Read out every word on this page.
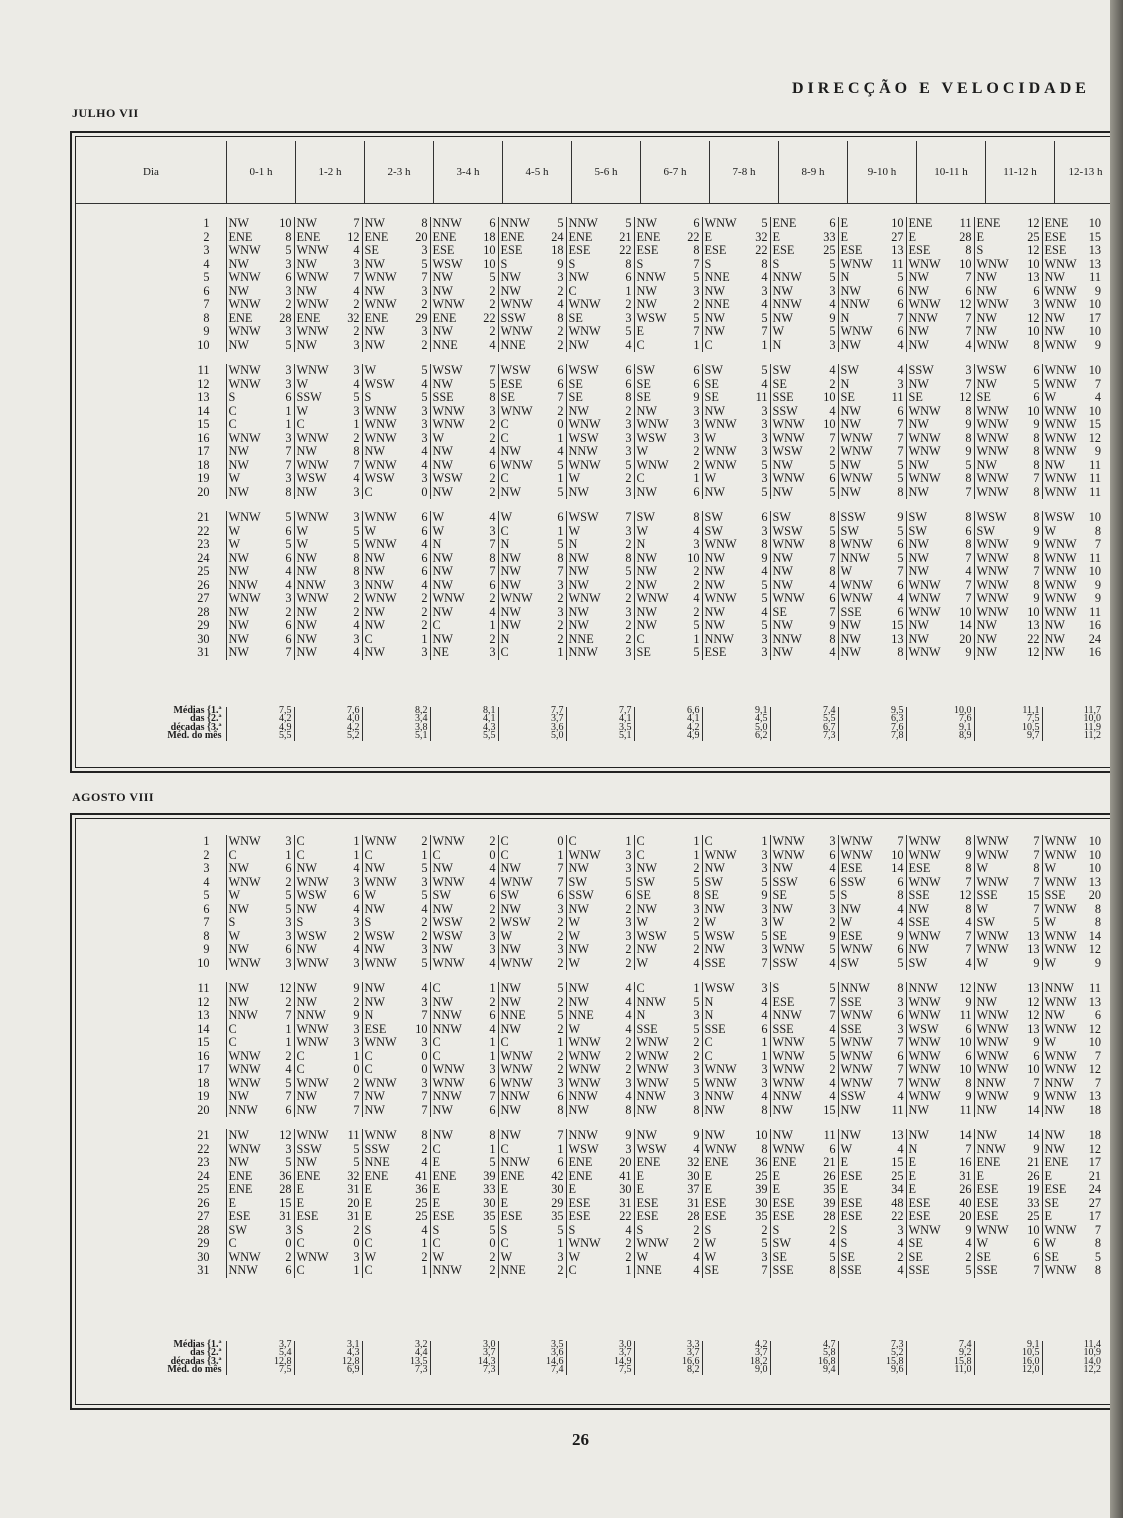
DIRECÇÃO E VELOCIDADE
JULHO VII
Dia	0-1 h	1-2 h	2-3 h	3-4 h	4-5 h	5-6 h	6-7 h	7-8 h	8-9 h	9-10 h	10-11 h	11-12 h	12-13 h
1	NW 10	NW 7	NW 8	NNW 6	NNW 5	NNW 5	NW 6	WNW 5	ENE 6	E 10	ENE 11	ENE 12	ENE 10

2	ENE 8	ENE 12	ENE 20	ENE 18	ENE 24	ENE 21	ENE 22	E 32	E 33	E 27	E 28	E 25	ESE 15

3	WNW 5	WNW 4	SE 3	ESE 10	ESE 18	ESE 22	ESE 8	ESE 22	ESE 25	ESE 13	ESE 8	S 12	ESE 13

4	NW 3	NW 3	NW 5	WSW 10	S 9	S 8	S 7	S 8	S 5	WNW 11	WNW 10	WNW 10	WNW 13

5	WNW 6	WNW 7	WNW 7	NW 5	NW 3	NW 6	NNW 5	NNE 4	NNW 5	N 5	NW 7	NW 13	NW 11

6	NW 3	NW 4	NW 3	NW 2	NW 2	C 1	NW 3	NW 3	NW 3	NW 6	NW 6	NW 6	WNW 9

7	WNW 2	WNW 2	WNW 2	WNW 2	WNW 4	WNW 2	NW 2	NNE 4	NNW 4	NNW 6	WNW 12	WNW 3	WNW 10

8	ENE 28	ENE 32	ENE 29	ENE 22	SSW 8	SE 3	WSW 5	NW 5	NW 9	N 7	NNW 7	NW 12	NW 17

9	WNW 3	WNW 2	NW 3	NW 2	WNW 2	WNW 5	E 7	NW 7	W 5	WNW 6	NW 7	NW 10	NW 10

10	NW 5	NW 3	NW 2	NNE 4	NNE 2	NW 4	C 1	C 1	N 3	NW 4	NW 4	WNW 8	WNW 9

11	WNW 3	WNW 3	W 5	WSW 7	WSW 6	WSW 6	SW 6	SW 5	SW 4	SW 4	SSW 3	WSW 6	WNW 10

12	WNW 3	W 4	WSW 4	NW 5	ESE 6	SE 6	SE 6	SE 4	SE 2	N 3	NW 7	NW 5	WNW 7

13	S 6	SSW 5	S 5	SSE 8	SE 7	SE 8	SE 9	SE 11	SSE 10	SE 11	SE 12	SE 6	W 4

14	C 1	W 3	WNW 3	WNW 3	WNW 2	NW 2	NW 3	NW 3	SSW 4	NW 6	WNW 8	WNW 10	WNW 10

15	C 1	C 1	WNW 3	WNW 2	C 0	WNW 3	WNW 3	WNW 3	WNW 10	NW 7	NW 9	WNW 9	WNW 15

16	WNW 3	WNW 2	WNW 3	W 2	C 1	WSW 3	WSW 3	W 3	WNW 7	WNW 7	WNW 8	WNW 8	WNW 12

17	NW 7	NW 8	NW 4	NW 4	NW 4	NNW 3	W 2	WNW 3	WSW 2	WNW 7	WNW 9	WNW 8	WNW 9

18	NW 7	WNW 7	WNW 4	NW 6	WNW 5	WNW 5	WNW 2	WNW 5	NW 5	NW 5	NW 5	NW 8	NW 11

19	W 3	WSW 4	WSW 3	WSW 2	C 1	W 2	C 1	W 3	WNW 6	WNW 5	WNW 8	WNW 7	WNW 11

20	NW 8	NW 3	C 0	NW 2	NW 5	NW 3	NW 6	NW 5	NW 5	NW 8	NW 7	WNW 8	WNW 11

21	WNW 5	WNW 3	WNW 6	W 4	W 6	WSW 7	SW 8	SW 6	SW 8	SSW 9	SW 8	WSW 8	WSW 10

22	W 6	W 5	W 6	W 3	C 1	W 3	W 4	SW 3	WSW 5	SW 5	SW 6	SW 9	W 8

23	W 5	W 5	WNW 4	N 7	N 5	N 2	N 3	WNW 8	WNW 8	WNW 6	NW 8	WNW 9	WNW 7

24	NW 6	NW 8	NW 6	NW 8	NW 8	NW 8	NW 10	NW 9	NW 7	NNW 5	NW 7	WNW 8	WNW 11

25	NW 4	NW 8	NW 6	NW 7	NW 7	NW 5	NW 2	NW 4	NW 8	W 7	NW 4	WNW 7	WNW 10

26	NNW 4	NNW 3	NNW 4	NW 6	NW 3	NW 2	NW 2	NW 5	NW 4	WNW 6	WNW 7	WNW 8	WNW 9

27	WNW 3	WNW 2	WNW 2	WNW 2	WNW 2	WNW 2	WNW 4	WNW 5	WNW 6	WNW 4	WNW 7	WNW 9	WNW 9

28	NW 2	NW 2	NW 2	NW 4	NW 3	NW 3	NW 2	NW 4	SE 7	SSE 6	WNW 10	WNW 10	WNW 11

29	NW 6	NW 4	NW 2	C 1	NW 2	NW 2	NW 5	NW 5	NW 9	NW 15	NW 14	NW 13	NW 16

30	NW 6	NW 3	C 1	NW 2	N 2	NNE 2	C 1	NNW 3	NNW 8	NW 13	NW 20	NW 22	NW 24

31	NW 7	NW 4	NW 3	NE 3	C 1	NNW 3	SE 5	ESE 3	NW 4	NW 8	WNW 9	NW 12	NW 16
Médias {1.ª	7,5	7,6	8,2	8,1	7,7	7,7	6,6	9,1	7,4	9,5	10,0	11,1	11,7
das {2.ª	4,2	4,0	3,4	4,1	3,7	4,1	4,1	4,5	5,5	6,3	7,6	7,5	10,0
décadas {3.ª	4,9	4,2	3,8	4,3	3,6	3,5	4,2	5,0	6,7	7,6	9,1	10,5	11,9
Méd. do mês	5,5	5,2	5,1	5,5	5,0	5,1	4,9	6,2	7,3	7,8	8,9	9,7	11,2
AGOSTO VIII
1	WNW 3	C 1	WNW 2	WNW 2	C 0	C 1	C 1	C 1	WNW 3	WNW 7	WNW 8	WNW 7	WNW 10

2	C 1	C 1	C 1	C 0	C 1	WNW 3	C 1	WNW 3	WNW 6	WNW 10	WNW 9	WNW 7	WNW 10

3	NW 6	NW 4	NW 5	NW 4	NW 7	NW 3	NW 2	NW 3	NW 4	ESE 14	ESE 8	W 8	W 10

4	WNW 2	WNW 3	WNW 3	WNW 4	WNW 7	SW 5	SW 5	SW 5	SSW 6	SSW 6	WNW 7	WNW 7	WNW 13

5	W 5	WSW 6	W 5	SW 6	SW 6	SSW 6	SE 8	SE 9	SE 5	S 8	SSE 12	SSE 15	SSE 20

6	NW 5	NW 4	NW 4	NW 2	NW 3	NW 2	NW 3	NW 3	NW 3	NW 4	NW 8	W 7	WNW 8

7	S 3	S 3	S 2	WSW 2	WSW 2	W 3	W 2	W 3	W 2	W 4	SSE 4	SW 5	W 8

8	W 3	WSW 2	WSW 2	WSW 3	W 2	W 3	WSW 5	WSW 5	SE 9	ESE 9	WNW 7	WNW 13	WNW 14

9	NW 6	NW 4	NW 3	NW 3	NW 3	NW 2	NW 2	NW 3	WNW 5	WNW 6	NW 7	WNW 13	WNW 12

10	WNW 3	WNW 3	WNW 5	WNW 4	WNW 2	W 2	W 4	SSE 7	SSW 4	SW 5	SW 4	W 9	W 9

11	NW 12	NW 9	NW 4	C 1	NW 5	NW 4	C 1	WSW 3	S 5	NNW 8	NNW 12	NW 13	NNW 11

12	NW 2	NW 2	NW 3	NW 2	NW 2	NW 4	NNW 5	N 4	ESE 7	SSE 3	WNW 9	NW 12	WNW 13

13	NNW 7	NNW 9	N 7	NNW 6	NNE 5	NNE 4	N 3	N 4	NNW 7	WNW 6	WNW 11	WNW 12	NW 6

14	C 1	WNW 3	ESE 10	NNW 4	NW 2	W 4	SSE 5	SSE 6	SSE 4	SSE 3	WSW 6	WNW 13	WNW 12

15	C 1	WNW 3	WNW 3	C 1	C 1	WNW 2	WNW 2	C 1	WNW 5	WNW 7	WNW 10	WNW 9	W 10

16	WNW 2	C 1	C 0	C 1	WNW 2	WNW 2	WNW 2	C 1	WNW 5	WNW 6	WNW 6	WNW 6	WNW 7

17	WNW 4	C 0	C 0	WNW 3	WNW 2	WNW 2	WNW 3	WNW 3	WNW 2	WNW 7	WNW 10	WNW 10	WNW 12

18	WNW 5	WNW 2	WNW 3	WNW 6	WNW 3	WNW 3	WNW 5	WNW 3	WNW 4	WNW 7	WNW 8	NNW 7	NNW 7

19	NW 7	NW 7	NW 7	NNW 7	NNW 6	NNW 4	NNW 3	NNW 4	NNW 4	SSW 4	WNW 9	WNW 9	WNW 13

20	NNW 6	NW 7	NW 7	NW 6	NW 8	NW 8	NW 8	NW 8	NW 15	NW 11	NW 11	NW 14	NW 18

21	NW 12	WNW 11	WNW 8	NW 8	NW 7	NNW 9	NW 9	NW 10	NW 11	NW 13	NW 14	NW 14	NW 18

22	WNW 3	SSW 5	SSW 2	C 1	C 1	WSW 3	WSW 4	WNW 8	WNW 6	W 4	N 7	NNW 9	NW 12

23	NW 5	NW 5	NNE 4	E 5	NNW 6	ENE 20	ENE 32	ENE 36	ENE 21	E 15	E 16	ENE 21	ENE 17

24	ENE 36	ENE 32	ENE 41	ENE 39	ENE 42	ENE 41	E 30	E 25	E 26	ESE 25	E 31	E 26	E 21

25	ENE 28	E 31	E 36	E 33	E 30	E 30	E 37	E 39	E 35	E 34	E 26	ESE 19	ESE 24

26	E 15	E 20	E 25	E 30	E 29	ESE 31	ESE 31	ESE 30	ESE 39	ESE 48	ESE 40	ESE 33	SE 27

27	ESE 31	ESE 31	E 25	ESE 35	ESE 35	ESE 22	ESE 28	ESE 35	ESE 28	ESE 22	ESE 20	ESE 25	E 17

28	SW 3	S 2	S 4	S 5	S 5	S 4	S 2	S 2	S 2	S 3	WNW 9	WNW 10	WNW 7

29	C 0	C 0	C 1	C 0	C 1	WNW 2	WNW 2	W 5	SW 4	S 4	SE 4	W 6	W 8

30	WNW 2	WNW 3	W 2	W 2	W 3	W 2	W 4	W 3	SE 5	SE 2	SE 2	SE 6	SE 5

31	NNW 6	C 1	C 1	NNW 2	NNE 2	C 1	NNE 4	SE 7	SSE 8	SSE 4	SSE 5	SSE 7	WNW 8
Médias {1.ª	3,7	3,1	3,2	3,0	3,5	3,0	3,3	4,2	4,7	7,3	7,4	9,1	11,4
das {2.ª	5,4	4,3	4,4	3,7	3,6	3,7	3,7	3,7	5,8	5,2	9,2	10,5	10,9
décadas {3.ª	12,8	12,8	13,5	14,3	14,6	14,9	16,6	18,2	16,8	15,8	15,8	16,0	14,0
Méd. do mês	7,5	6,9	7,3	7,3	7,4	7,5	8,2	9,0	9,4	9,6	11,0	12,0	12,2
26
